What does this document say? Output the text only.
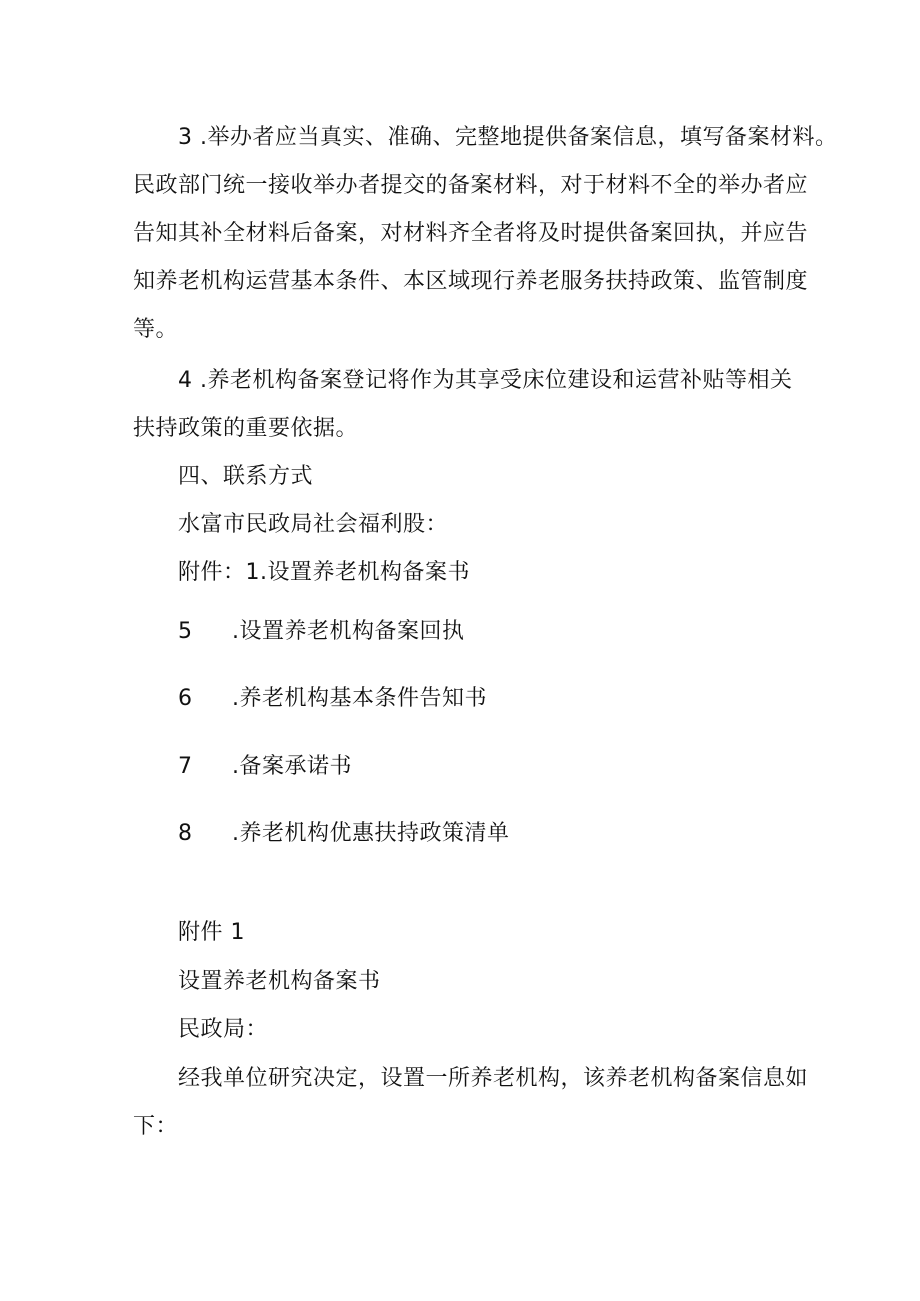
3 .举办者应当真实、准确、完整地提供备案信息，填写备案材料。
民政部门统一接收举办者提交的备案材料，对于材料不全的举办者应
告知其补全材料后备案，对材料齐全者将及时提供备案回执，并应告
知养老机构运营基本条件、本区域现行养老服务扶持政策、监管制度
等。
4 .养老机构备案登记将作为其享受床位建设和运营补贴等相关
扶持政策的重要依据。
四、联系方式
水富市民政局社会福利股：
附件：1.设置养老机构备案书
5 .设置养老机构备案回执
6 .养老机构基本条件告知书
7 .备案承诺书
8 .养老机构优惠扶持政策清单
附件 1
设置养老机构备案书
民政局：
经我单位研究决定，设置一所养老机构，该养老机构备案信息如
下：
